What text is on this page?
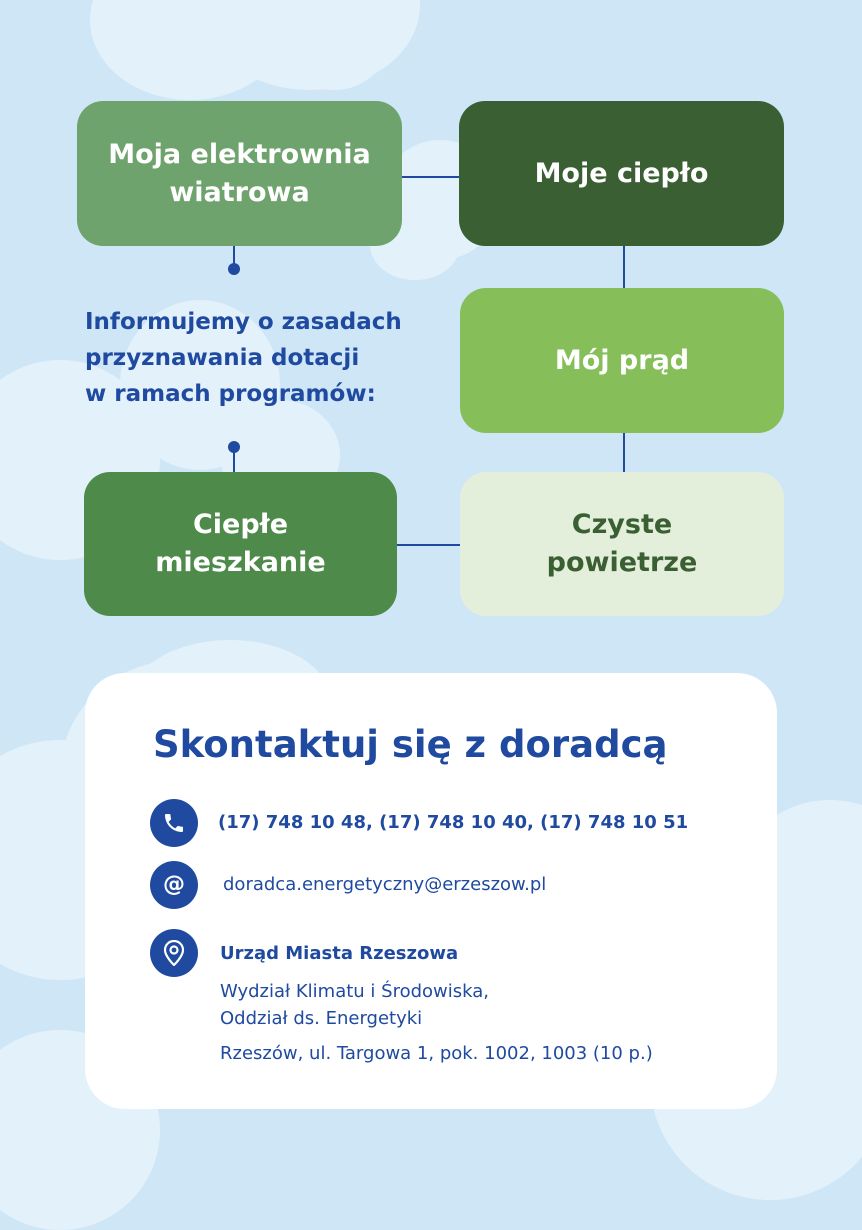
Moja elektrownia wiatrowa
Moje ciepło
Mój prąd
Ciepłe mieszkanie
Czyste powietrze
Informujemy o zasadach
przyznawania dotacji
w ramach programów:
Skontaktuj się z doradcą
(17) 748 10 48, (17) 748 10 40, (17) 748 10 51
@ doradca.energetyczny@erzeszow.pl
Urząd Miasta Rzeszowa
Wydział Klimatu i Środowiska,
Oddział ds. Energetyki
Rzeszów, ul. Targowa 1, pok. 1002, 1003 (10 p.)
